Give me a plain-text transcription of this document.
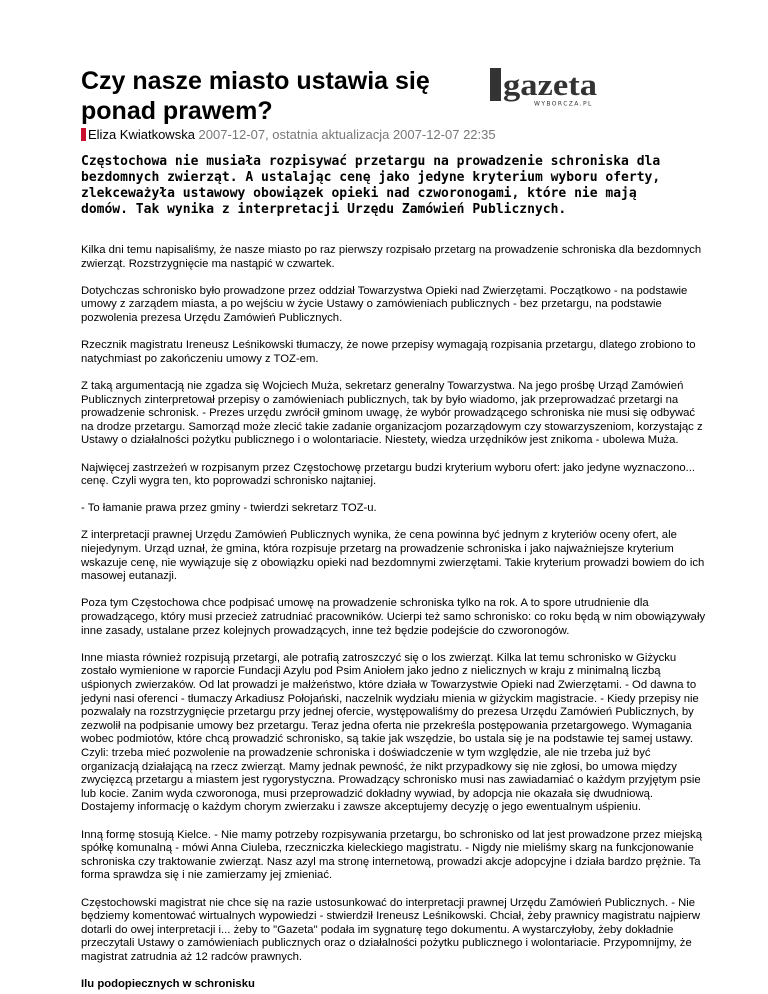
Czy nasze miasto ustawia się ponad prawem?
gazeta
WYBORCZA.PL
Eliza Kwiatkowska 2007-12-07, ostatnia aktualizacja 2007-12-07 22:35

Częstochowa nie musiała rozpisywać przetargu na prowadzenie schroniska dla bezdomnych zwierząt. A ustalając cenę jako jedyne kryterium wyboru oferty, zlekceważyła ustawowy obowiązek opieki nad czworonogami, które nie mają domów. Tak wynika z interpretacji Urzędu Zamówień Publicznych.

Kilka dni temu napisaliśmy, że nasze miasto po raz pierwszy rozpisało przetarg na prowadzenie schroniska dla bezdomnych zwierząt. Rozstrzygnięcie ma nastąpić w czwartek.

Dotychczas schronisko było prowadzone przez oddział Towarzystwa Opieki nad Zwierzętami. Początkowo - na podstawie umowy z zarządem miasta, a po wejściu w życie Ustawy o zamówieniach publicznych - bez przetargu, na podstawie pozwolenia prezesa Urzędu Zamówień Publicznych.

Rzecznik magistratu Ireneusz Leśnikowski tłumaczy, że nowe przepisy wymagają rozpisania przetargu, dlatego zrobiono to natychmiast po zakończeniu umowy z TOZ-em.

Z taką argumentacją nie zgadza się Wojciech Muża, sekretarz generalny Towarzystwa. Na jego prośbę Urząd Zamówień Publicznych zinterpretował przepisy o zamówieniach publicznych, tak by było wiadomo, jak przeprowadzać przetargi na prowadzenie schronisk. - Prezes urzędu zwrócił gminom uwagę, że wybór prowadzącego schroniska nie musi się odbywać na drodze przetargu. Samorząd może zlecić takie zadanie organizacjom pozarządowym czy stowarzyszeniom, korzystając z Ustawy o działalności pożytku publicznego i o wolontariacie. Niestety, wiedza urzędników jest znikoma - ubolewa Muża.

Najwięcej zastrzeżeń w rozpisanym przez Częstochowę przetargu budzi kryterium wyboru ofert: jako jedyne wyznaczono... cenę. Czyli wygra ten, kto poprowadzi schronisko najtaniej.

- To łamanie prawa przez gminy - twierdzi sekretarz TOZ-u.

Z interpretacji prawnej Urzędu Zamówień Publicznych wynika, że cena powinna być jednym z kryteriów oceny ofert, ale niejedynym. Urząd uznał, że gmina, która rozpisuje przetarg na prowadzenie schroniska i jako najważniejsze kryterium wskazuje cenę, nie wywiązuje się z obowiązku opieki nad bezdomnymi zwierzętami. Takie kryterium prowadzi bowiem do ich masowej eutanazji.

Poza tym Częstochowa chce podpisać umowę na prowadzenie schroniska tylko na rok. A to spore utrudnienie dla prowadzącego, który musi przecież zatrudniać pracowników. Ucierpi też samo schronisko: co roku będą w nim obowiązywały inne zasady, ustalane przez kolejnych prowadzących, inne też będzie podejście do czworonogów.

Inne miasta również rozpisują przetargi, ale potrafią zatroszczyć się o los zwierząt. Kilka lat temu schronisko w Giżycku zostało wymienione w raporcie Fundacji Azylu pod Psim Aniołem jako jedno z nielicznych w kraju z minimalną liczbą uśpionych zwierzaków. Od lat prowadzi je małżeństwo, które działa w Towarzystwie Opieki nad Zwierzętami. - Od dawna to jedyni nasi oferenci - tłumaczy Arkadiusz Połojański, naczelnik wydziału mienia w giżyckim magistracie. - Kiedy przepisy nie pozwalały na rozstrzygnięcie przetargu przy jednej ofercie, występowaliśmy do prezesa Urzędu Zamówień Publicznych, by zezwolił na podpisanie umowy bez przetargu. Teraz jedna oferta nie przekreśla postępowania przetargowego. Wymagania wobec podmiotów, które chcą prowadzić schronisko, są takie jak wszędzie, bo ustala się je na podstawie tej samej ustawy. Czyli: trzeba mieć pozwolenie na prowadzenie schroniska i doświadczenie w tym względzie, ale nie trzeba już być organizacją działającą na rzecz zwierząt. Mamy jednak pewność, że nikt przypadkowy się nie zgłosi, bo umowa między zwycięzcą przetargu a miastem jest rygorystyczna. Prowadzący schronisko musi nas zawiadamiać o każdym przyjętym psie lub kocie. Zanim wyda czworonoga, musi przeprowadzić dokładny wywiad, by adopcja nie okazała się dwudniową. Dostajemy informację o każdym chorym zwierzaku i zawsze akceptujemy decyzję o jego ewentualnym uśpieniu.

Inną formę stosują Kielce. - Nie mamy potrzeby rozpisywania przetargu, bo schronisko od lat jest prowadzone przez miejską spółkę komunalną - mówi Anna Ciuleba, rzeczniczka kieleckiego magistratu. - Nigdy nie mieliśmy skarg na funkcjonowanie schroniska czy traktowanie zwierząt. Nasz azyl ma stronę internetową, prowadzi akcje adopcyjne i działa bardzo prężnie. Ta forma sprawdza się i nie zamierzamy jej zmieniać.

Częstochowski magistrat nie chce się na razie ustosunkować do interpretacji prawnej Urzędu Zamówień Publicznych. - Nie będziemy komentować wirtualnych wypowiedzi - stwierdził Ireneusz Leśnikowski. Chciał, żeby prawnicy magistratu najpierw dotarli do owej interpretacji i... żeby to "Gazeta" podała im sygnaturę tego dokumentu. A wystarczyłoby, żeby dokładnie przeczytali Ustawy o zamówieniach publicznych oraz o działalności pożytku publicznego i wolontariacie. Przypomnijmy, że magistrat zatrudnia aż 12 radców prawnych.

Ilu podopiecznych w schronisku
